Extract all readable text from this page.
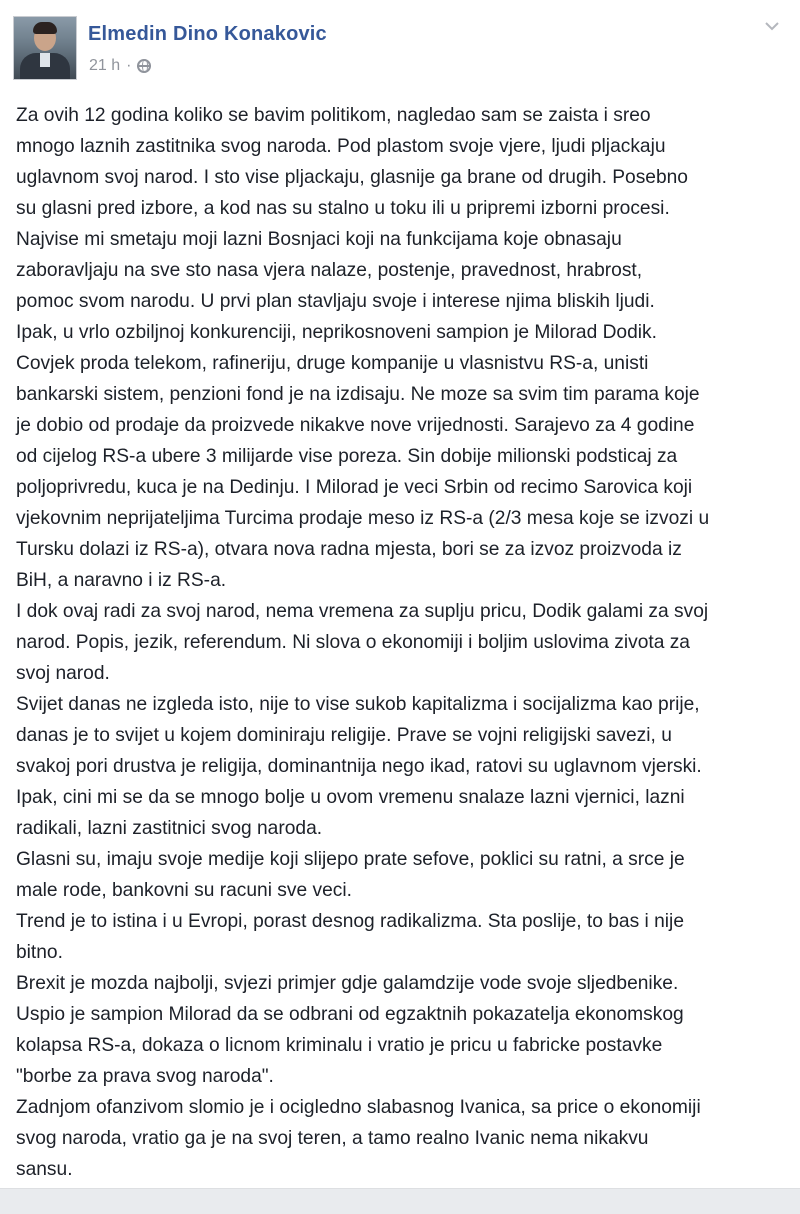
Elmedin Dino Konakovic
21 h ·

Za ovih 12 godina koliko se bavim politikom, nagledao sam se zaista i sreo

mnogo laznih zastitnika svog naroda. Pod plastom svoje vjere, ljudi pljackaju

uglavnom svoj narod. I sto vise pljackaju, glasnije ga brane od drugih. Posebno

su glasni pred izbore, a kod nas su stalno u toku ili u pripremi izborni procesi.

Najvise mi smetaju moji lazni Bosnjaci koji na funkcijama koje obnasaju

zaboravljaju na sve sto nasa vjera nalaze, postenje, pravednost, hrabrost,

pomoc svom narodu. U prvi plan stavljaju svoje i interese njima bliskih ljudi.

Ipak, u vrlo ozbiljnoj konkurenciji, neprikosnoveni sampion je Milorad Dodik.

Covjek proda telekom, rafineriju, druge kompanije u vlasnistvu RS-a, unisti

bankarski sistem, penzioni fond je na izdisaju. Ne moze sa svim tim parama koje

je dobio od prodaje da proizvede nikakve nove vrijednosti. Sarajevo za 4 godine

od cijelog RS-a ubere 3 milijarde vise poreza. Sin dobije milionski podsticaj za

poljoprivredu, kuca je na Dedinju. I Milorad je veci Srbin od recimo Sarovica koji

vjekovnim neprijateljima Turcima prodaje meso iz RS-a (2/3 mesa koje se izvozi u

Tursku dolazi iz RS-a), otvara nova radna mjesta, bori se za izvoz proizvoda iz

BiH, a naravno i iz RS-a.

I dok ovaj radi za svoj narod, nema vremena za suplju pricu, Dodik galami za svoj

narod. Popis, jezik, referendum. Ni slova o ekonomiji i boljim uslovima zivota za

svoj narod.

Svijet danas ne izgleda isto, nije to vise sukob kapitalizma i socijalizma kao prije,

danas je to svijet u kojem dominiraju religije. Prave se vojni religijski savezi, u

svakoj pori drustva je religija, dominantnija nego ikad, ratovi su uglavnom vjerski.

Ipak, cini mi se da se mnogo bolje u ovom vremenu snalaze lazni vjernici, lazni

radikali, lazni zastitnici svog naroda.

Glasni su, imaju svoje medije koji slijepo prate sefove, poklici su ratni, a srce je

male rode, bankovni su racuni sve veci.

Trend je to istina i u Evropi, porast desnog radikalizma. Sta poslije, to bas i nije

bitno.

Brexit je mozda najbolji, svjezi primjer gdje galamdzije vode svoje sljedbenike.

Uspio je sampion Milorad da se odbrani od egzaktnih pokazatelja ekonomskog

kolapsa RS-a, dokaza o licnom kriminalu i vratio je pricu u fabricke postavke

"borbe za prava svog naroda".

Zadnjom ofanzivom slomio je i ocigledno slabasnog Ivanica, sa price o ekonomiji

svog naroda, vratio ga je na svoj teren, a tamo realno Ivanic nema nikakvu

sansu.
